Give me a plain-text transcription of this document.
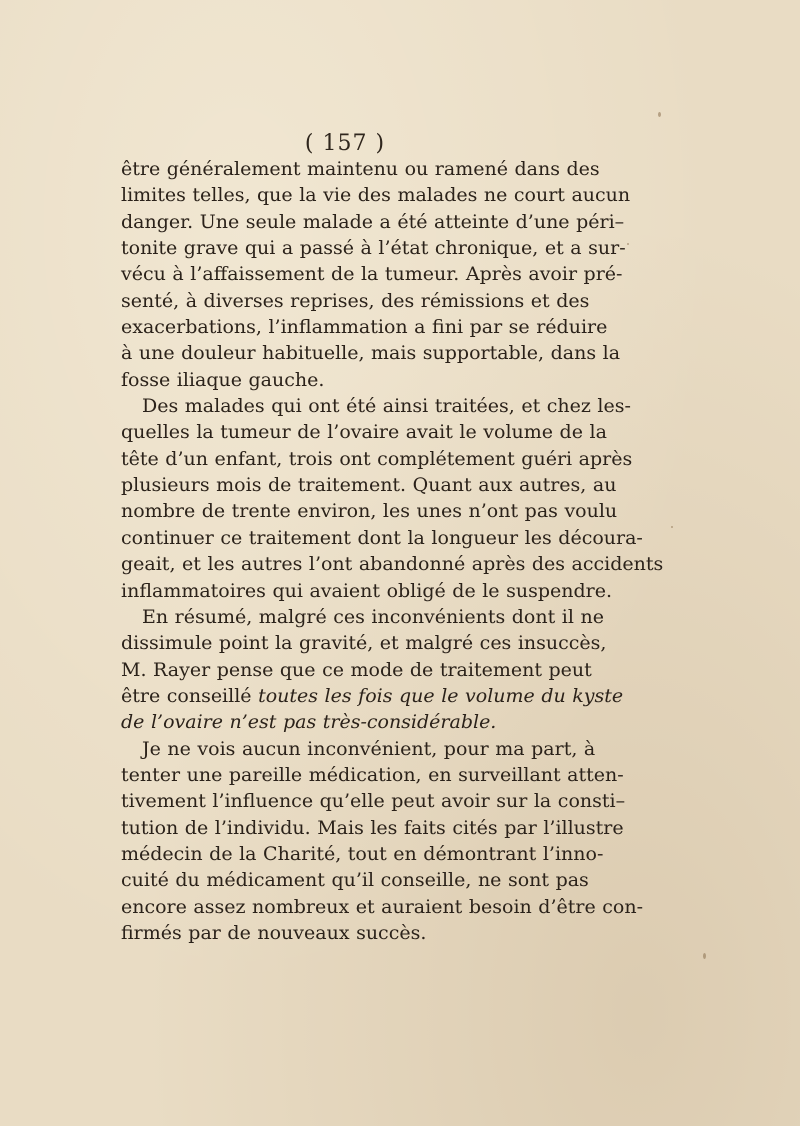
( 157 )
être généralement maintenu ou ramené dans des
limites telles, que la vie des malades ne court aucun
danger. Une seule malade a été atteinte d’une péri–
tonite grave qui a passé à l’état chronique, et a sur-
vécu à l’affaissement de la tumeur. Après avoir pré-
senté, à diverses reprises, des rémissions et des
exacerbations, l’inflammation a fini par se réduire
à une douleur habituelle, mais supportable, dans la
fosse iliaque gauche.
Des malades qui ont été ainsi traitées, et chez les-
quelles la tumeur de l’ovaire avait le volume de la
tête d’un enfant, trois ont complétement guéri après
plusieurs mois de traitement. Quant aux autres, au
nombre de trente environ, les unes n’ont pas voulu
continuer ce traitement dont la longueur les découra-
geait, et les autres l’ont abandonné après des accidents
inflammatoires qui avaient obligé de le suspendre.
En résumé, malgré ces inconvénients dont il ne
dissimule point la gravité, et malgré ces insuccès,
M. Rayer pense que ce mode de traitement peut
être conseillé toutes les fois que le volume du kyste
de l’ovaire n’est pas très-considérable.
Je ne vois aucun inconvénient, pour ma part, à
tenter une pareille médication, en surveillant atten-
tivement l’influence qu’elle peut avoir sur la consti–
tution de l’individu. Mais les faits cités par l’illustre
médecin de la Charité, tout en démontrant l’inno-
cuité du médicament qu’il conseille, ne sont pas
encore assez nombreux et auraient besoin d’être con-
firmés par de nouveaux succès.
